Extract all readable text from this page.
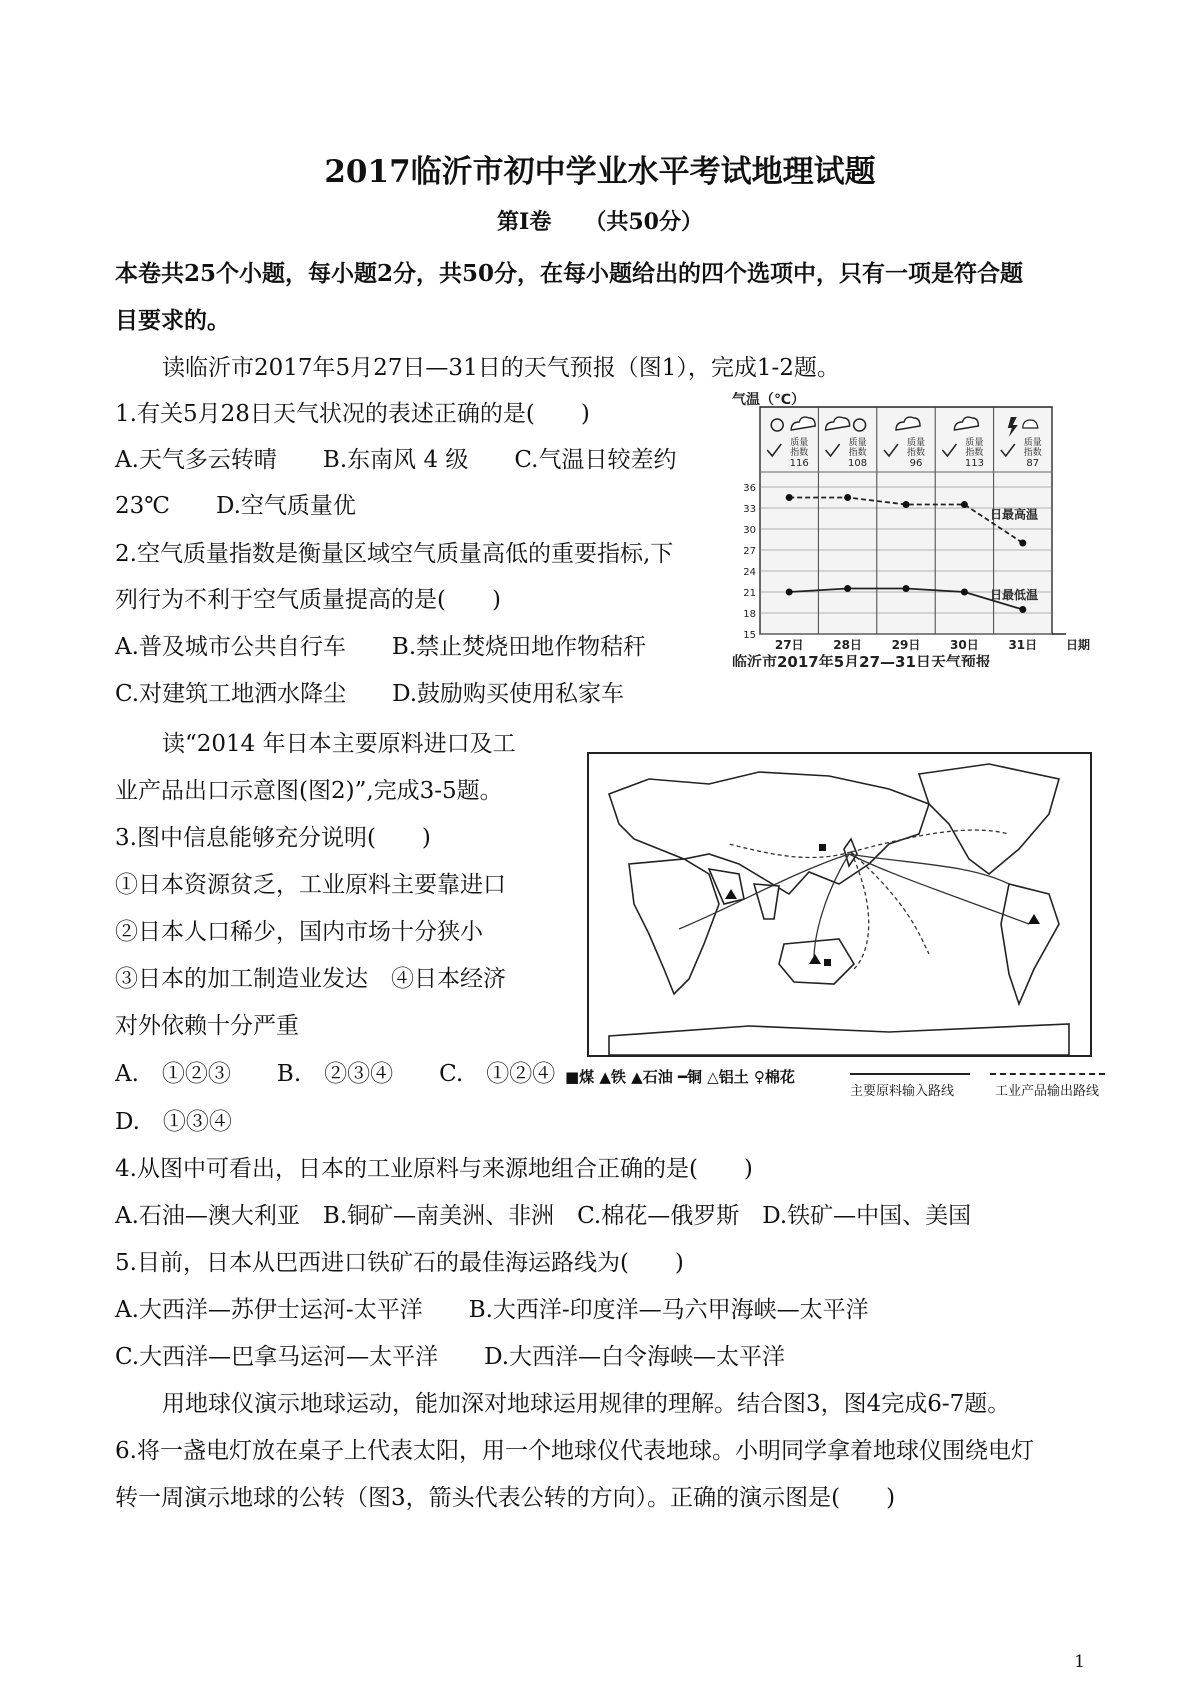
2017临沂市初中学业水平考试地理试题
第Ⅰ卷　　（共50分）
本卷共25个小题，每小题2分，共50分，在每小题给出的四个选项中，只有一项是符合题
目要求的。
读临沂市2017年5月27日—31日的天气预报（图1），完成1-2题。
1.有关5月28日天气状况的表述正确的是(　　)
A.天气多云转晴　　B.东南风 4 级　　C.气温日较差约
23℃　　D.空气质量优
2.空气质量指数是衡量区域空气质量高低的重要指标,下
列行为不利于空气质量提高的是(　　)
A.普及城市公共自行车　　B.禁止焚烧田地作物秸秆
C.对建筑工地洒水降尘　　D.鼓励购买使用私家车
气温（℃）
15
18
21
24
27
30
33
36
质量
指数
116
质量
指数
108
质量
指数
96
质量
指数
113
质量
指数
87
日最高温
日最低温
27日 28日 29日 30日 31日 日期
临沂市2017年5月27—31日天气预报
读“2014 年日本主要原料进口及工
业产品出口示意图(图2)”,完成3-5题。
3.图中信息能够充分说明(　　)
①日本资源贫乏，工业原料主要靠进口
②日本人口稀少，国内市场十分狭小
③日本的加工制造业发达　④日本经济
对外依赖十分严重
A.　①②③　　B.　②③④　　C.　①②④
D.　①③④
■煤 ▲铁 ▲石油 ━铜 △铝土 ♀棉花
主要原料输入路线	工业产品输出路线
4.从图中可看出，日本的工业原料与来源地组合正确的是(　　)
A.石油—澳大利亚　B.铜矿—南美洲、非洲　C.棉花—俄罗斯　D.铁矿—中国、美国
5.目前，日本从巴西进口铁矿石的最佳海运路线为(　　)
A.大西洋—苏伊士运河-太平洋　　B.大西洋-印度洋—马六甲海峡—太平洋
C.大西洋—巴拿马运河—太平洋　　D.大西洋—白令海峡—太平洋
用地球仪演示地球运动，能加深对地球运用规律的理解。结合图3，图4完成6-7题。
6.将一盏电灯放在桌子上代表太阳，用一个地球仪代表地球。小明同学拿着地球仪围绕电灯
转一周演示地球的公转（图3，箭头代表公转的方向）。正确的演示图是(　　)
1
